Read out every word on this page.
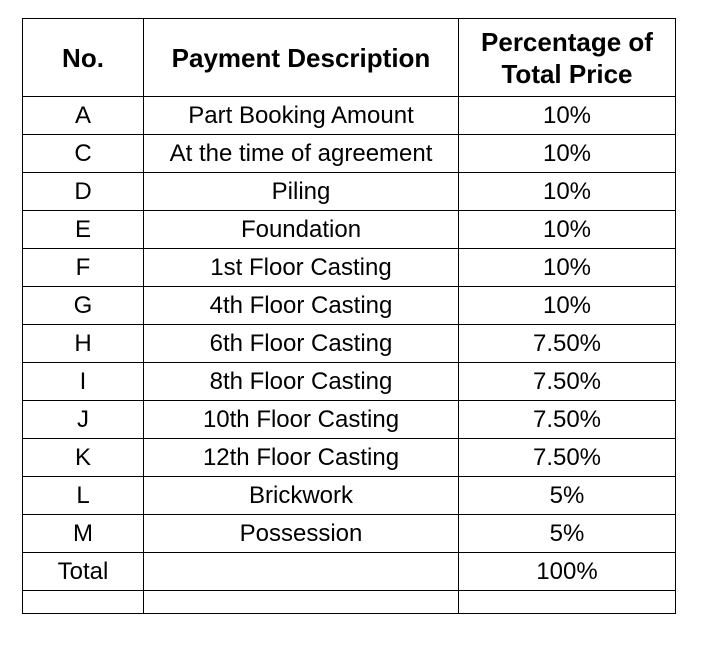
No.	Payment Description	Percentage of Total Price
A	Part Booking Amount	10%
C	At the time of agreement	10%
D	Piling	10%
E	Foundation	10%
F	1st Floor Casting	10%
G	4th Floor Casting	10%
H	6th Floor Casting	7.50%
I	8th Floor Casting	7.50%
J	10th Floor Casting	7.50%
K	12th Floor Casting	7.50%
L	Brickwork	5%
M	Possession	5%
Total		100%
